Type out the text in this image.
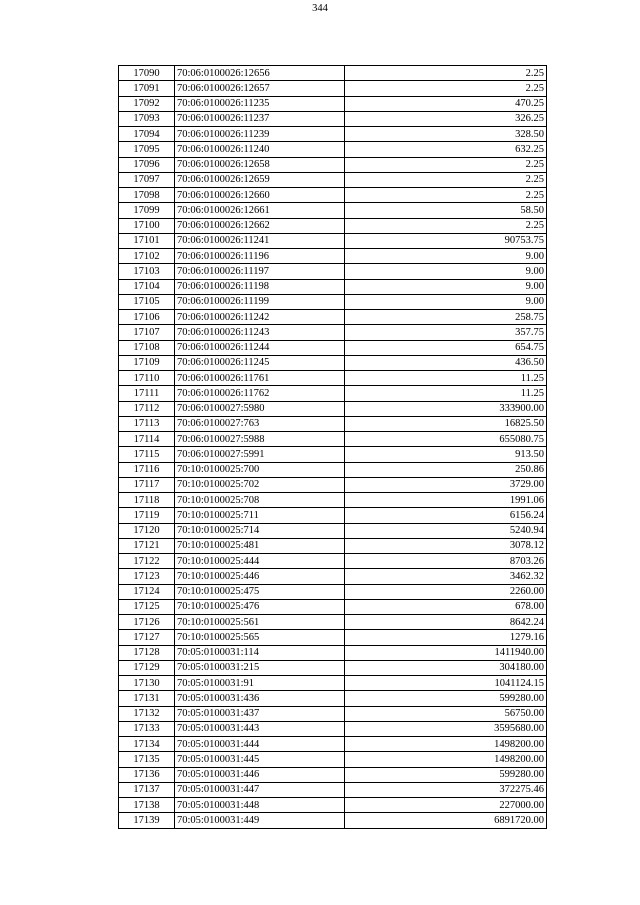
344
17090	70:06:0100026:12656	2.25
17091	70:06:0100026:12657	2.25
17092	70:06:0100026:11235	470.25
17093	70:06:0100026:11237	326.25
17094	70:06:0100026:11239	328.50
17095	70:06:0100026:11240	632.25
17096	70:06:0100026:12658	2.25
17097	70:06:0100026:12659	2.25
17098	70:06:0100026:12660	2.25
17099	70:06:0100026:12661	58.50
17100	70:06:0100026:12662	2.25
17101	70:06:0100026:11241	90753.75
17102	70:06:0100026:11196	9.00
17103	70:06:0100026:11197	9.00
17104	70:06:0100026:11198	9.00
17105	70:06:0100026:11199	9.00
17106	70:06:0100026:11242	258.75
17107	70:06:0100026:11243	357.75
17108	70:06:0100026:11244	654.75
17109	70:06:0100026:11245	436.50
17110	70:06:0100026:11761	11.25
17111	70:06:0100026:11762	11.25
17112	70:06:0100027:5980	333900.00
17113	70:06:0100027:763	16825.50
17114	70:06:0100027:5988	655080.75
17115	70:06:0100027:5991	913.50
17116	70:10:0100025:700	250.86
17117	70:10:0100025:702	3729.00
17118	70:10:0100025:708	1991.06
17119	70:10:0100025:711	6156.24
17120	70:10:0100025:714	5240.94
17121	70:10:0100025:481	3078.12
17122	70:10:0100025:444	8703.26
17123	70:10:0100025:446	3462.32
17124	70:10:0100025:475	2260.00
17125	70:10:0100025:476	678.00
17126	70:10:0100025:561	8642.24
17127	70:10:0100025:565	1279.16
17128	70:05:0100031:114	1411940.00
17129	70:05:0100031:215	304180.00
17130	70:05:0100031:91	1041124.15
17131	70:05:0100031:436	599280.00
17132	70:05:0100031:437	56750.00
17133	70:05:0100031:443	3595680.00
17134	70:05:0100031:444	1498200.00
17135	70:05:0100031:445	1498200.00
17136	70:05:0100031:446	599280.00
17137	70:05:0100031:447	372275.46
17138	70:05:0100031:448	227000.00
17139	70:05:0100031:449	6891720.00
